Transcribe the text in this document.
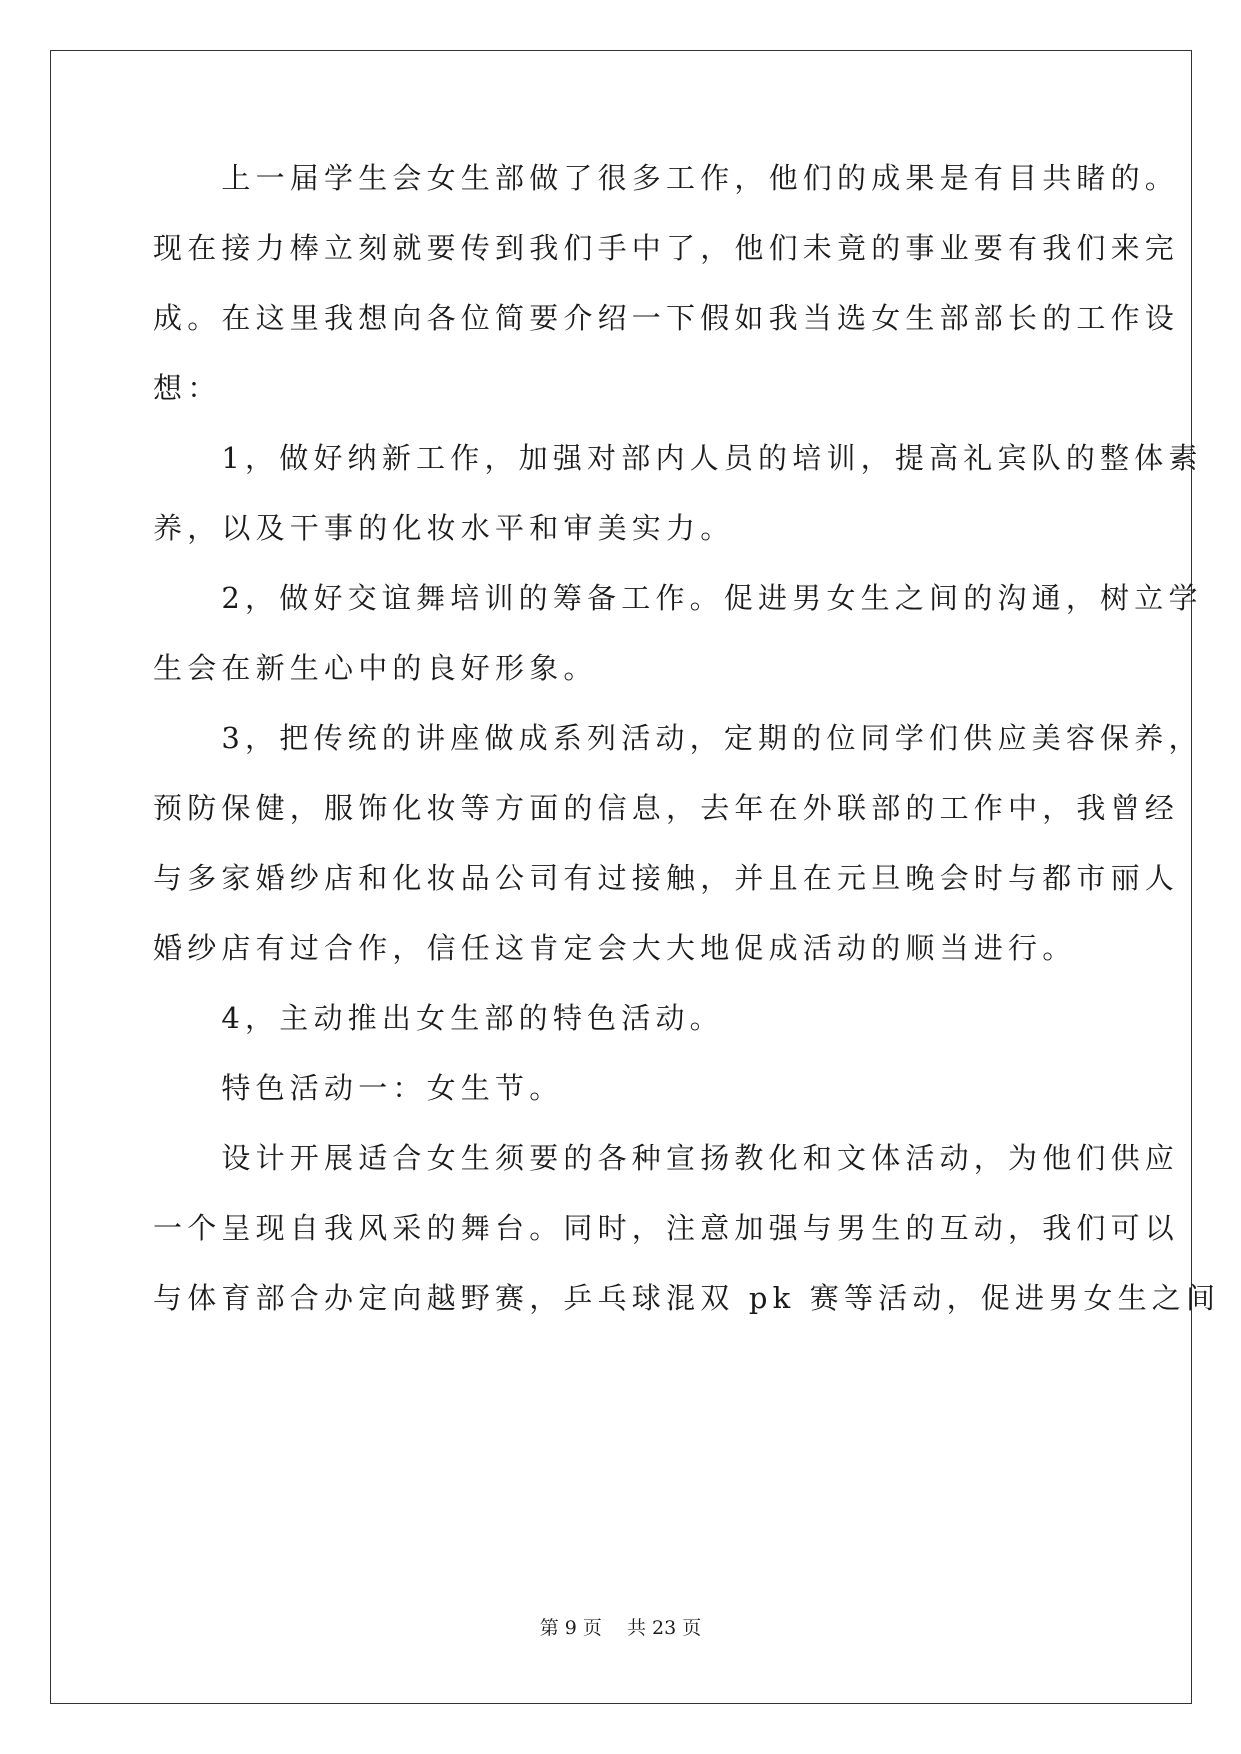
　　上一届学生会女生部做了很多工作，他们的成果是有目共睹的。
现在接力棒立刻就要传到我们手中了，他们未竟的事业要有我们来完
成。在这里我想向各位简要介绍一下假如我当选女生部部长的工作设
想：
　　1，做好纳新工作，加强对部内人员的培训，提高礼宾队的整体素
养，以及干事的化妆水平和审美实力。
　　2，做好交谊舞培训的筹备工作。促进男女生之间的沟通，树立学
生会在新生心中的良好形象。
　　3，把传统的讲座做成系列活动，定期的位同学们供应美容保养，
预防保健，服饰化妆等方面的信息，去年在外联部的工作中，我曾经
与多家婚纱店和化妆品公司有过接触，并且在元旦晚会时与都市丽人
婚纱店有过合作，信任这肯定会大大地促成活动的顺当进行。
　　4，主动推出女生部的特色活动。
　　特色活动一：女生节。
　　设计开展适合女生须要的各种宣扬教化和文体活动，为他们供应
一个呈现自我风采的舞台。同时，注意加强与男生的互动，我们可以
与体育部合办定向越野赛，乒乓球混双 pk 赛等活动，促进男女生之间
第 9 页　 共 23 页
